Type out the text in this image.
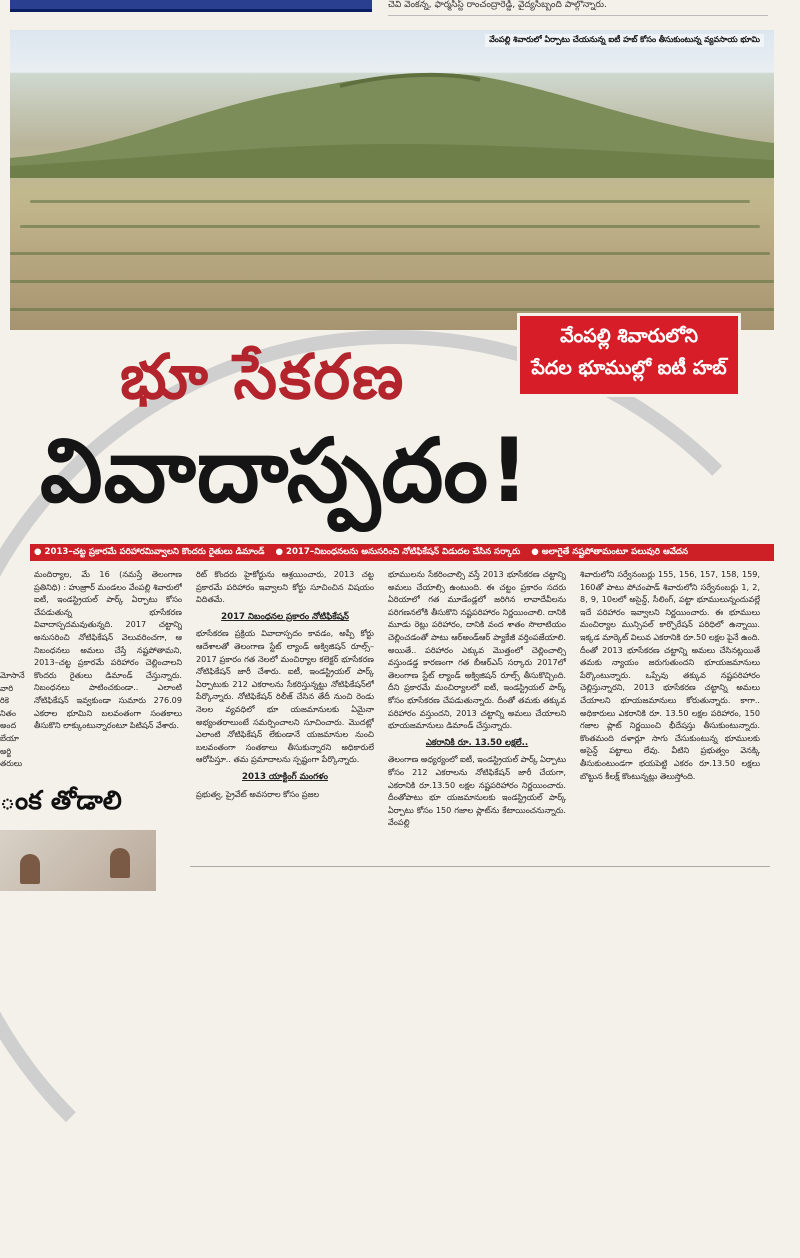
చెవి వెంకన్న, ఫార్మసిస్ట్ రాంచంద్రారెడ్డి, వైద్యసిబ్బంది పాల్గొన్నారు.
వేంపల్లి శివారులో ఏర్పాటు చేయనున్న ఐటీ హబ్ కోసం తీసుకుంటున్న వ్యవసాయ భూమి
వేంపల్లి శివారులోని
పేదల భూముల్లో ఐటీ హబ్
భూ సేకరణ
వివాదాస్పదం!
● 2013–చట్ట ప్రకారమే పరిహారమివ్వాలని కొందరు రైతులు డిమాండ్ ● 2017–నిబంధనలను అనుసరించి నోటిఫికేషన్ విడుదల చేసిన సర్కారు ● అలాగైతే నష్టపోతామంటూ పలువురి ఆవేదన

మందిర్యాల, మే 16 (నమస్తే తెలంగాణ ప్రతినిధి) : హుజ్రుార్ మండలం వేంపల్లి శివారులో ఐటీ, ఇండస్ట్రియల్ పార్క్ ఏర్పాటు కోసం చేపడుతున్న భూసేకరణ వివాదాస్పదమవుతున్నది. 2017 చట్టాన్ని అనుసరించి నోటిఫికేషన్ వెలువరించగా, ఆ నిబంధనలు అమలు చేస్తే నష్టపోతామని, 2013–చట్ట ప్రకారమే పరిహారం చెల్లించాలని కొందరు రైతులు డిమాండ్ చేస్తున్నారు. నిబంధనలు పాటించకుండా.. ఎలాంటి నోటిఫికేషన్ ఇవ్వకుండా సుమారు 276.09 ఎకరాల భూమిని బలవంతంగా సంతకాలు తీసుకొని లాక్కుంటున్నారంటూ పిటిషన్ వేశారు.

రిట్ కొందరు హైకోర్టును ఆశ్రయించారు, 2013 చట్ట ప్రకారమే పరిహారం ఇవ్వాలని కోర్టు సూచించిన విషయం విదితమే.

2017 నిబంధనల ప్రకారం నోటిఫికేషన్

భూసేకరణ ప్రక్రియ వివాదాస్పదం కావడం, అప్పీ కోర్టు ఆదేశాలతో తెలంగాణ స్టేట్ ల్యాండ్ అక్విజిషన్ రూల్స్–2017 ప్రకారం గత నెలలో మంచిర్యాల కలెక్టర్ భూసేకరణ నోటిఫికేషన్ జారీ చేశారు. ఐటీ, ఇండస్ట్రియల్ పార్క్ ఏర్పాటుకు 212 ఎకరాలను సేకరిస్తున్నట్టు నోటిఫికేషన్‌లో పేర్కొన్నారు. నోటిఫికేషన్ రిలీజ్ చేసిన తేదీ నుంచి రెండు నెలల వ్యవధిలో భూ యజమానులకు ఏమైనా అభ్యంతరాలుంటే సమర్పించాలని సూచించారు. మొదట్లో ఎలాంటి నోటిఫికేషన్ లేకుండానే యజమానుల నుంచి బలవంతంగా సంతకాలు తీసుకున్నారని అధికారులే ఆరోపిస్తూ.. తమ ప్రమాదాలను స్పష్టంగా పేర్కొన్నారు.

2013 యాక్టింగ్ మంగళం

ప్రభుత్వ, ప్రైవేట్ అవసరాల కోసం ప్రజల

భూములను సేకరించాల్సి వస్తే 2013 భూసేకరణ చట్టాన్ని అమలు చేయాల్సి ఉంటుంది. ఈ చట్టం ప్రకారం సదరు ఏరియాలో గత మూడేండ్లలో జరిగిన లావాదేవీలను పరిగణనలోకి తీసుకొని నష్టపరిహారం నిర్ణయించాలి. దానికి మూడు రెట్లు పరిహారం, దానికి వంద శాతం సొలాటియం చెల్లించడంతో పాటు ఆర్‌అండ్‌ఆర్ ప్యాకేజీ వర్తింపజేయాలి. అయితే.. పరిహారం ఎక్కువ మొత్తంలో చెల్లించాల్సి వస్తుండడ్డ కారణంగా గత బీఆర్‌ఎస్ సర్కారు 2017లో తెలంగాణ స్టేట్ ల్యాండ్ అక్విజిషన్ రూల్స్ తీసుకొచ్చింది. దీని ప్రకారమే మంచిర్యాలలో ఐటీ, ఇండస్ట్రియల్ పార్క్ కోసం భూసేకరణ చేపడుతున్నారు. దీంతో తమకు తక్కువ పరిహారం వస్తుందని, 2013 చట్టాన్ని అమలు చేయాలని భూయజమానులు డిమాండ్ చేస్తున్నారు.

ఎకరానికి రూ. 13.50 లక్షలే..

తెలంగాణ అధ్యర్యంలో ఐటీ, ఇండస్ట్రియల్ పార్క్ ఏర్పాటు కోసం 212 ఎకరాలను నోటిఫికేషన్ జారీ చేయగా, ఎకరానికి రూ.13.50 లక్షల నష్టపరిహారం నిర్ణయించారు. దీంతోపాటు భూ యజమానులకు ఇండస్ట్రియల్ పార్క్ ఏర్పాటు కోసం 150 గజాల ప్లాట్‌ను కేటాయించనున్నారు. వేంపల్లి

శివారులోని సర్వేనంబర్లు 155, 156, 157, 158, 159, 160తో పాటు పోచంపాడ్ శివారులోని సర్వేనంబర్లు 1, 2, 8, 9, 10లలో అసైన్డ్, సీలింగ్, పట్టా భూములున్నందువల్లే ఇదే పరిహారం ఇవ్వాలని నిర్ణయించారు. ఈ భూములు మంచిర్యాల మున్సిపల్ కార్పొరేషన్ పరిధిలో ఉన్నాయి. ఇక్కడ మార్కెట్ విలువ ఎకరానికి రూ.50 లక్షల పైనే ఉంది. దీంతో 2013 భూసేకరణ చట్టాన్ని అమలు చేసినట్లయితే తమకు న్యాయం జరుగుతుందని భూయజమానులు పేర్కొంటున్నారు. ఒప్పేవు తక్కువ నష్టపరిహారం చెల్లిస్తున్నారని, 2013 భూసేకరణ చట్టాన్ని అమలు చేయాలని భూయజమానులు కోరుతున్నారు. కాగా.. అధికారులు ఎకరానికి రూ. 13.50 లక్షల పరిహారం, 150 గజాల ప్లాట్ నిర్ణయించి భీదేషస్తు తీసుకుంటున్నారు. కొంతమంది దళార్లూ సాగు చేసుకుంటున్న భూములకు అసైన్డ్ పట్టాలు లేవు. వీటిని ప్రభుత్వం వెన‌క్కి తీసుకుంటుండగా భయపెట్టి ఎకరం రూ.13.50 లక్షలు బొట్టున కీలక్ష్‌ కొంటున్నట్లు తెలుస్తోంది.

మోసానే
వారి
రికె
నితం
అంద
బేయా
అర్జి
తరులు
ంక తోడాలి
